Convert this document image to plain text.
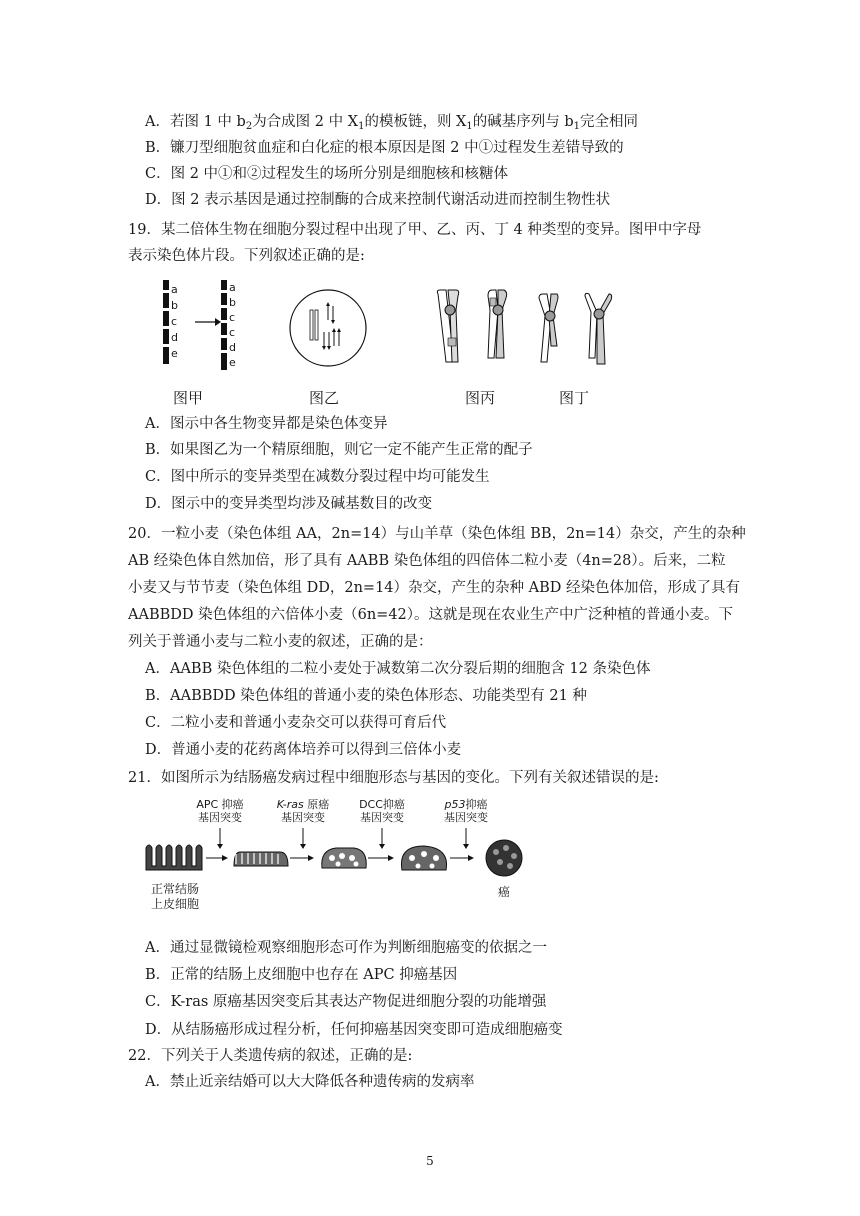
A．若图 1 中 $b_2$为合成图 2 中 $X_1$的模板链，则 $X_1$的碱基序列与 $b_1$完全相同
B．镰刀型细胞贫血症和白化症的根本原因是图 2 中①过程发生差错导致的
C．图 2 中①和②过程发生的场所分别是细胞核和核糖体
D．图 2 表示基因是通过控制酶的合成来控制代谢活动进而控制生物性状
19．某二倍体生物在细胞分裂过程中出现了甲、乙、丙、丁 4 种类型的变异。图甲中字母
表示染色体片段。下列叙述正确的是:
a
b
c
d
e
a
b
c
c
d
e
图甲	图乙	图丙	图丁
A．图示中各生物变异都是染色体变异
B．如果图乙为一个精原细胞，则它一定不能产生正常的配子
C．图中所示的变异类型在减数分裂过程中均可能发生
D．图示中的变异类型均涉及碱基数目的改变
20．一粒小麦（染色体组 AA，2n=14）与山羊草（染色体组 BB，2n=14）杂交，产生的杂种
AB 经染色体自然加倍，形了具有 AABB 染色体组的四倍体二粒小麦（4n=28）。后来，二粒
小麦又与节节麦（染色体组 DD，2n=14）杂交，产生的杂种 ABD 经染色体加倍，形成了具有
AABBDD 染色体组的六倍体小麦（6n=42）。这就是现在农业生产中广泛种植的普通小麦。下
列关于普通小麦与二粒小麦的叙述，正确的是：
A．AABB 染色体组的二粒小麦处于减数第二次分裂后期的细胞含 12 条染色体
B．AABBDD 染色体组的普通小麦的染色体形态、功能类型有 21 种
C．二粒小麦和普通小麦杂交可以获得可育后代
D．普通小麦的花药离体培养可以得到三倍体小麦
21．如图所示为结肠癌发病过程中细胞形态与基因的变化。下列有关叙述错误的是:
APC 抑癌
基因突变
K-ras 原癌
基因突变
DCC抑癌
基因突变
p53抑癌
基因突变
正常结肠
上皮细胞
癌
A．通过显微镜检观察细胞形态可作为判断细胞癌变的依据之一
B．正常的结肠上皮细胞中也存在 APC 抑癌基因
C．K-ras 原癌基因突变后其表达产物促进细胞分裂的功能增强
D．从结肠癌形成过程分析，任何抑癌基因突变即可造成细胞癌变
22．下列关于人类遗传病的叙述，正确的是:
A．禁止近亲结婚可以大大降低各种遗传病的发病率
5
